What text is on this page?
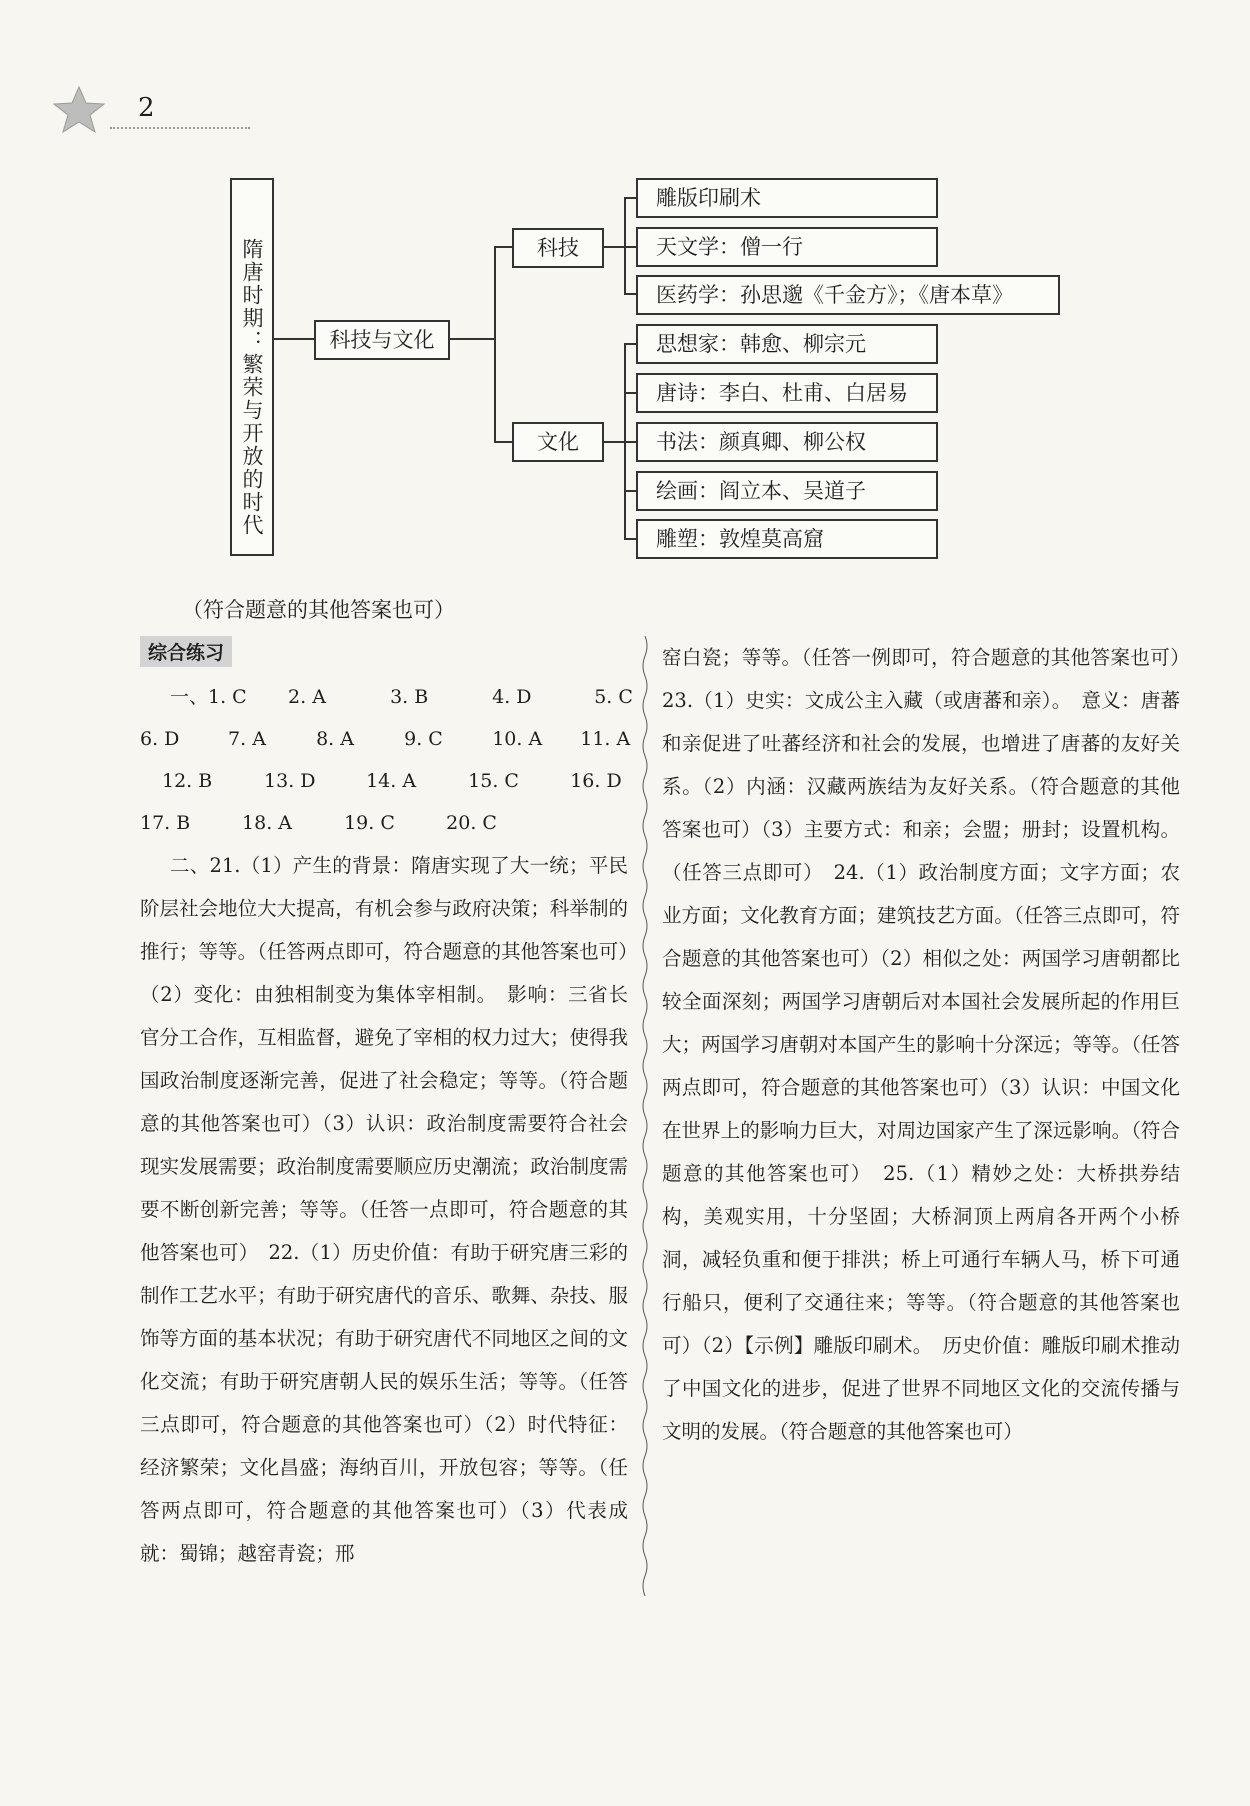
2
隋唐时期：繁荣与开放的时代	科技与文化
科技
雕版印刷术
天文学：僧一行
医药学：孙思邈《千金方》；《唐本草》
文化
思想家：韩愈、柳宗元
唐诗：李白、杜甫、白居易
书法：颜真卿、柳公权
绘画：阎立本、吴道子
雕塑：敦煌莫高窟
（符合题意的其他答案也可）
综合练习
一、1. C 2. A	3. B	4. D	5. C
6. D	7. A	8. A	9. C	10. A 11. A
12. B	13. D	14. A	15. C	16. D
17. B	18. A	19. C	20. C
二、21.（1）产生的背景：隋唐实现了大一统；平民阶层社会地位大大提高，有机会参与政府决策；科举制的推行；等等。（任答两点即可，符合题意的其他答案也可）（2）变化：由独相制变为集体宰相制。　影响：三省长官分工合作，互相监督，避免了宰相的权力过大；使得我国政治制度逐渐完善，促进了社会稳定；等等。（符合题意的其他答案也可）（3）认识：政治制度需要符合社会现实发展需要；政治制度需要顺应历史潮流；政治制度需要不断创新完善；等等。（任答一点即可，符合题意的其他答案也可）　22.（1）历史价值：有助于研究唐三彩的制作工艺水平；有助于研究唐代的音乐、歌舞、杂技、服饰等方面的基本状况；有助于研究唐代不同地区之间的文化交流；有助于研究唐朝人民的娱乐生活；等等。（任答三点即可，符合题意的其他答案也可）（2）时代特征：经济繁荣；文化昌盛；海纳百川，开放包容；等等。（任答两点即可，符合题意的其他答案也可）（3）代表成就：蜀锦；越窑青瓷；邢
窑白瓷；等等。（任答一例即可，符合题意的其他答案也可）　23.（1）史实：文成公主入藏（或唐蕃和亲）。　意义：唐蕃和亲促进了吐蕃经济和社会的发展，也增进了唐蕃的友好关系。（2）内涵：汉藏两族结为友好关系。（符合题意的其他答案也可）（3）主要方式：和亲；会盟；册封；设置机构。（任答三点即可）　24.（1）政治制度方面；文字方面；农业方面；文化教育方面；建筑技艺方面。（任答三点即可，符合题意的其他答案也可）（2）相似之处：两国学习唐朝都比较全面深刻；两国学习唐朝后对本国社会发展所起的作用巨大；两国学习唐朝对本国产生的影响十分深远；等等。（任答两点即可，符合题意的其他答案也可）（3）认识：中国文化在世界上的影响力巨大，对周边国家产生了深远影响。（符合题意的其他答案也可）　25.（1）精妙之处：大桥拱券结构，美观实用，十分坚固；大桥洞顶上两肩各开两个小桥洞，减轻负重和便于排洪；桥上可通行车辆人马，桥下可通行船只，便利了交通往来；等等。（符合题意的其他答案也可）（2）【示例】雕版印刷术。　历史价值：雕版印刷术推动了中国文化的进步，促进了世界不同地区文化的交流传播与文明的发展。（符合题意的其他答案也可）
